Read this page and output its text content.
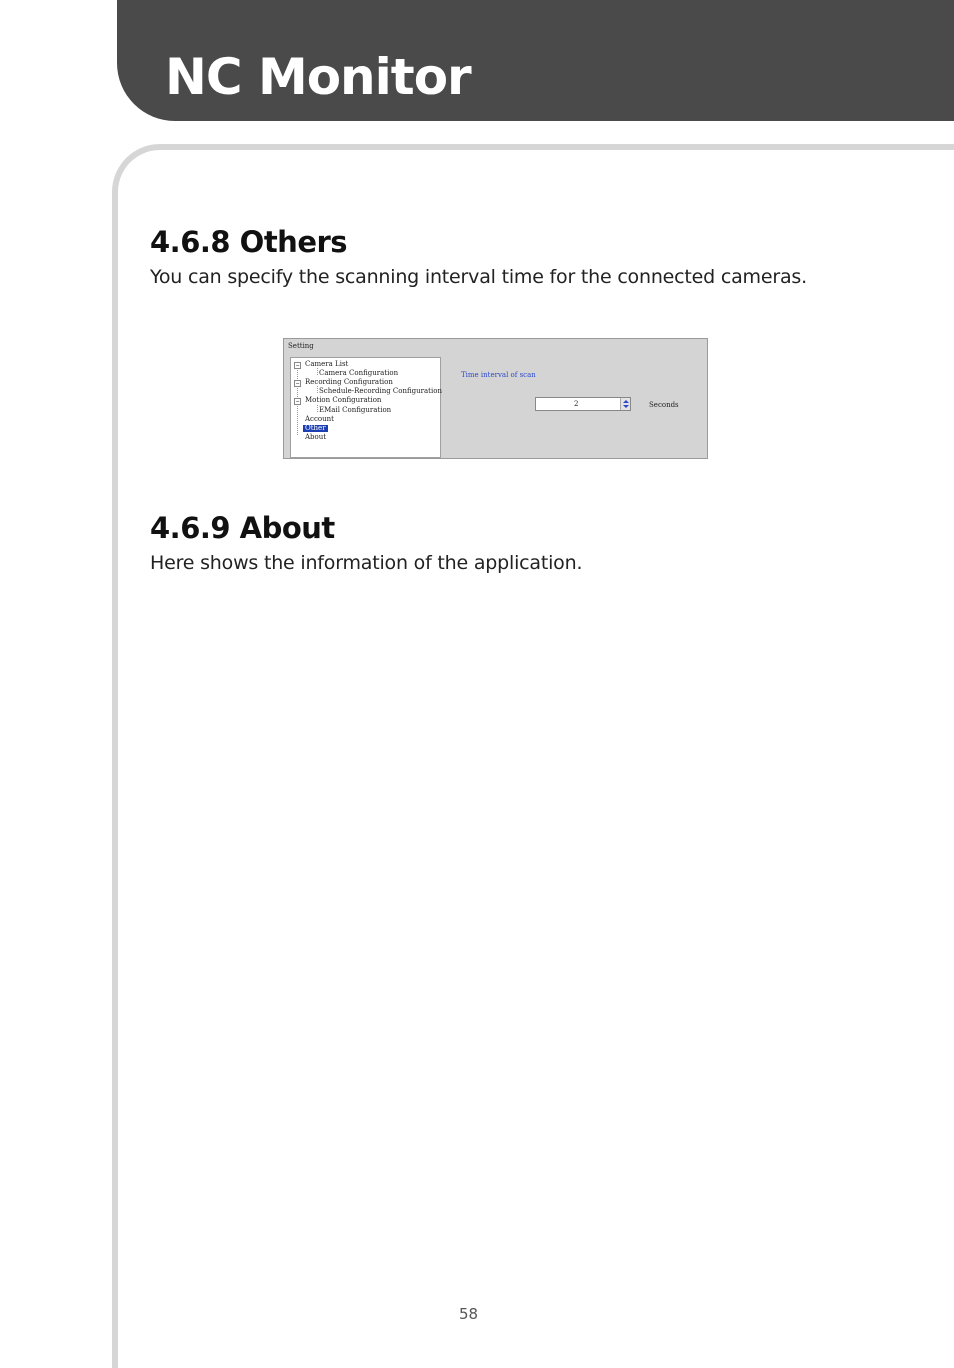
NC Monitor
4.6.8 Others

You can specify the scanning interval time for the connected cameras.

Setting
− Camera List
Camera Configuration
− Recording Configuration
Schedule-Recording Configuration
− Motion Configuration
EMail Configuration
Account
Other
About
Time interval of scan
2	Seconds
4.6.9 About

Here shows the information of the application.

58
